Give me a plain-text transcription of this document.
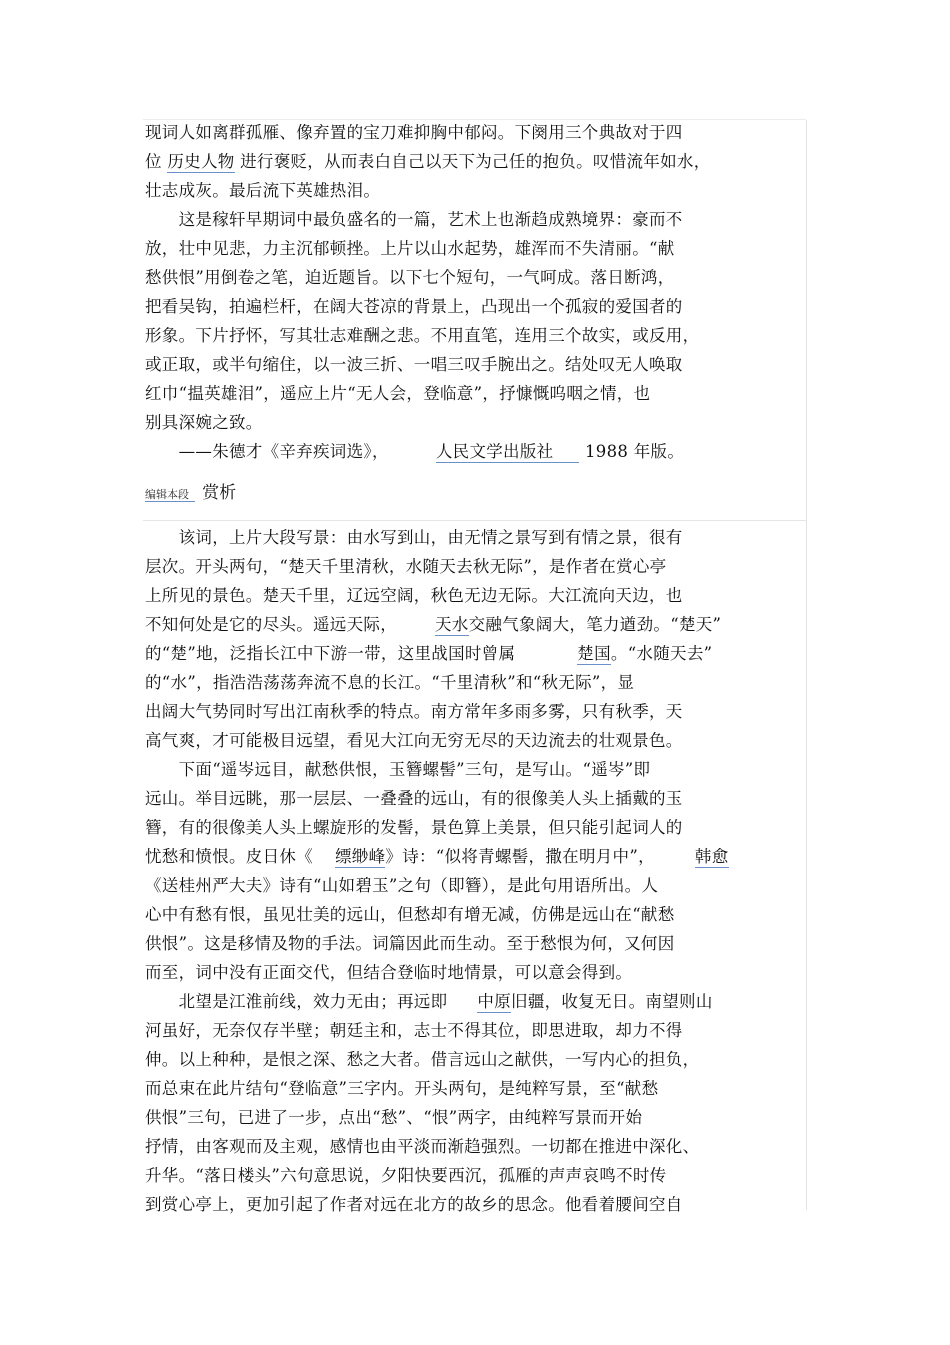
现词人如离群孤雁、像弃置的宝刀难抑胸中郁闷。下阕用三个典故对于四
位 历史人物 进行褒贬，从而表白自己以天下为己任的抱负。叹惜流年如水，
壮志成灰。最后流下英雄热泪。
　　这是稼轩早期词中最负盛名的一篇，艺术上也渐趋成熟境界：豪而不
放，壮中见悲，力主沉郁顿挫。上片以山水起势，雄浑而不失清丽。“献
愁供恨”用倒卷之笔，迫近题旨。以下七个短句，一气呵成。落日断鸿，
把看吴钩，拍遍栏杆，在阔大苍凉的背景上，凸现出一个孤寂的爱国者的
形象。下片抒怀，写其壮志难酬之悲。不用直笔，连用三个故实，或反用，
或正取，或半句缩住，以一波三折、一唱三叹手腕出之。结处叹无人唤取
红巾“揾英雄泪”，遥应上片“无人会，登临意”，抒慷慨呜咽之情，也
别具深婉之致。
　　——朱德才《辛弃疾词选》，	人民文学出版社 1988 年版。
编辑本段 赏析
　　该词，上片大段写景：由水写到山，由无情之景写到有情之景，很有
层次。开头两句，“楚天千里清秋，水随天去秋无际”，是作者在赏心亭
上所见的景色。楚天千里，辽远空阔，秋色无边无际。大江流向天边，也
不知何处是它的尽头。遥远天际， 天水交融气象阔大，笔力遒劲。“楚天”
的“楚”地，泛指长江中下游一带，这里战国时曾属	楚国。“水随天去”
的“水”，指浩浩荡荡奔流不息的长江。“千里清秋”和“秋无际”，显
出阔大气势同时写出江南秋季的特点。南方常年多雨多雾，只有秋季，天
高气爽，才可能极目远望，看见大江向无穷无尽的天边流去的壮观景色。
　　下面“遥岑远目，献愁供恨，玉簪螺髻”三句，是写山。“遥岑”即
远山。举目远眺，那一层层、一叠叠的远山，有的很像美人头上插戴的玉
簪，有的很像美人头上螺旋形的发髻，景色算上美景，但只能引起词人的
忧愁和愤恨。皮日休《 缥缈峰》诗：“似将青螺髻，撒在明月中”， 韩愈
《送桂州严大夫》诗有“山如碧玉”之句（即簪），是此句用语所出。人
心中有愁有恨，虽见壮美的远山，但愁却有增无减，仿佛是远山在“献愁
供恨”。这是移情及物的手法。词篇因此而生动。至于愁恨为何，又何因
而至，词中没有正面交代，但结合登临时地情景，可以意会得到。
　　北望是江淮前线，效力无由；再远即 中原旧疆，收复无日。南望则山
河虽好，无奈仅存半壁；朝廷主和，志士不得其位，即思进取，却力不得
伸。以上种种，是恨之深、愁之大者。借言远山之献供，一写内心的担负，
而总束在此片结句“登临意”三字内。开头两句，是纯粹写景，至“献愁
供恨”三句，已进了一步，点出“愁”、“恨”两字，由纯粹写景而开始
抒情，由客观而及主观，感情也由平淡而渐趋强烈。一切都在推进中深化、
升华。“落日楼头”六句意思说，夕阳快要西沉，孤雁的声声哀鸣不时传
到赏心亭上，更加引起了作者对远在北方的故乡的思念。他看着腰间空自
